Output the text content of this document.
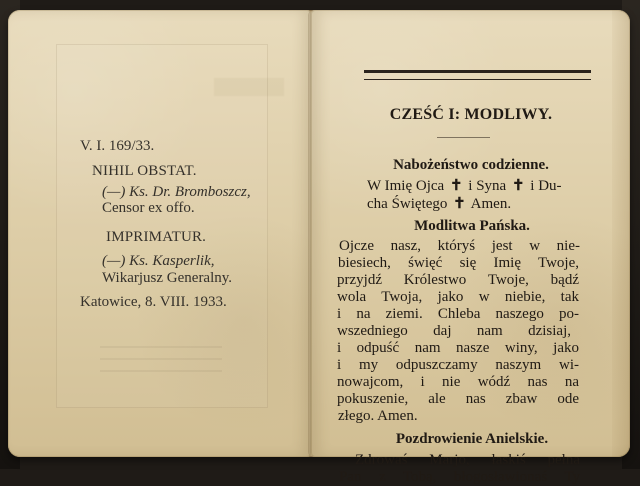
V. I. 169/33.
NIHIL OBSTAT.
(—) Ks. Dr. Bromboszcz,
Censor ex offo.
IMPRIMATUR.
(—) Ks. Kasperlik,
Wikarjusz Generalny.
Katowice, 8. VIII. 1933.
CZEŚĆ I: MODLIWY.
Nabożeństwo codzienne.
W Imię Ojca ✝ i Syna ✝ i Du-
cha Świętego ✝ Amen.
Modlitwa Pańska.
Ojcze nasz, któryś jest w nie-
biesiech, święć się Imię Twoje,
przyjdź Królestwo Twoje, bądź
wola Twoja, jako w niebie, tak
i na ziemi. Chleba naszego po-
wszedniego daj nam dzisiaj,
i odpuść nam nasze winy, jako
i my odpuszczamy naszym wi-
nowajcom, i nie wódź nas na
pokuszenie, ale nas zbaw ode
złego. Amen.
Pozdrowienie Anielskie.
Zdrowaś Marjo, łaskiś pełna
Pan z Tobą, błogosławionaś Ty
